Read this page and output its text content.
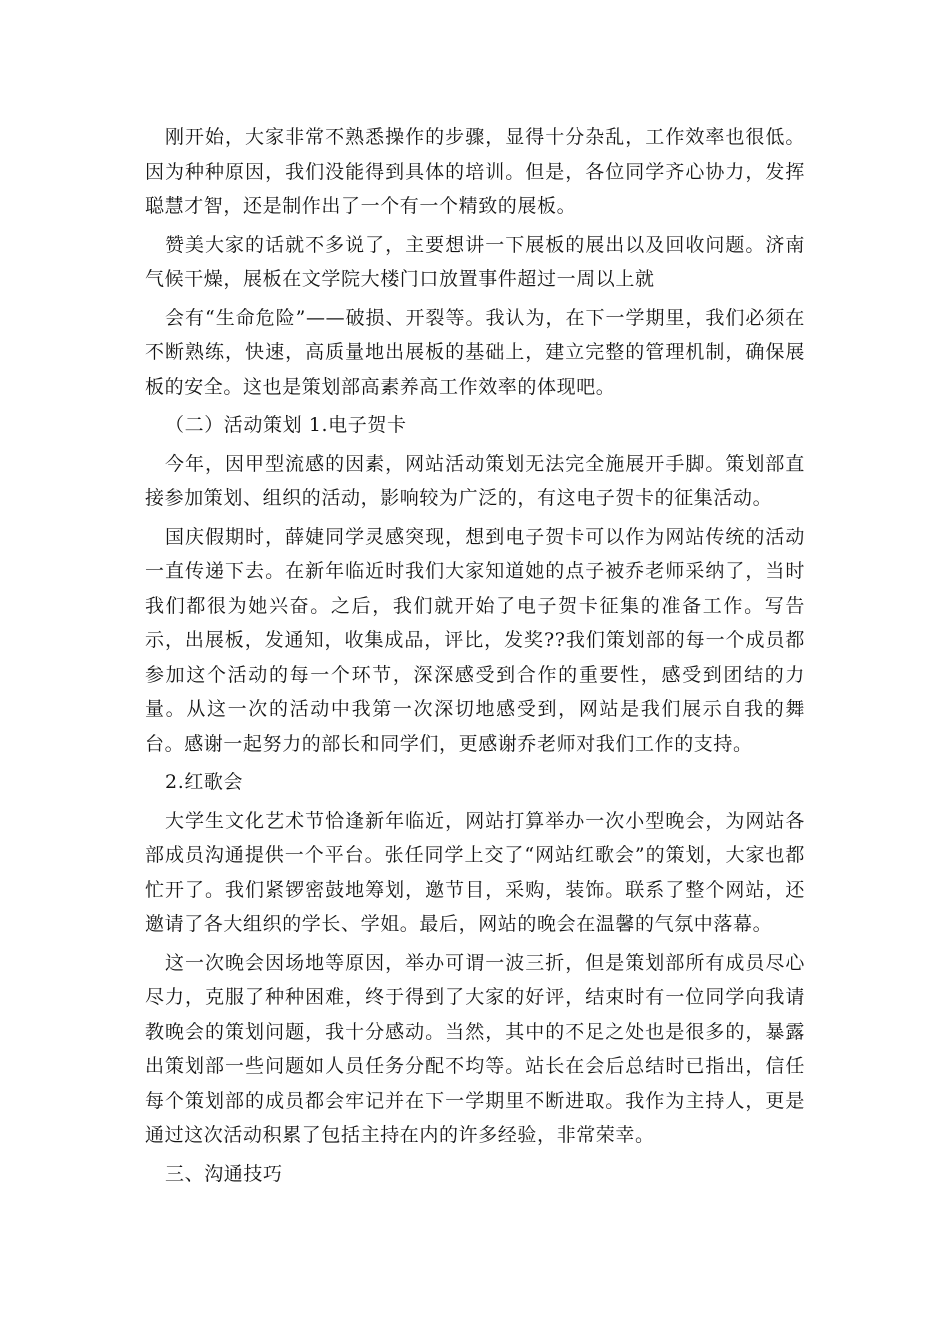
刚开始，大家非常不熟悉操作的步骤，显得十分杂乱，工作效率也很低。因为种种原因，我们没能得到具体的培训。但是，各位同学齐心协力，发挥聪慧才智，还是制作出了一个有一个精致的展板。

赞美大家的话就不多说了，主要想讲一下展板的展出以及回收问题。济南气候干燥，展板在文学院大楼门口放置事件超过一周以上就

会有“生命危险”——破损、开裂等。我认为，在下一学期里，我们必须在不断熟练，快速，高质量地出展板的基础上，建立完整的管理机制，确保展板的安全。这也是策划部高素养高工作效率的体现吧。

（二）活动策划 1.电子贺卡

今年，因甲型流感的因素，网站活动策划无法完全施展开手脚。策划部直接参加策划、组织的活动，影响较为广泛的，有这电子贺卡的征集活动。

国庆假期时，薛婕同学灵感突现，想到电子贺卡可以作为网站传统的活动一直传递下去。在新年临近时我们大家知道她的点子被乔老师采纳了，当时我们都很为她兴奋。之后，我们就开始了电子贺卡征集的准备工作。写告示，出展板，发通知，收集成品，评比，发奖??我们策划部的每一个成员都参加这个活动的每一个环节，深深感受到合作的重要性，感受到团结的力量。从这一次的活动中我第一次深切地感受到，网站是我们展示自我的舞台。感谢一起努力的部长和同学们，更感谢乔老师对我们工作的支持。

2.红歌会

大学生文化艺术节恰逢新年临近，网站打算举办一次小型晚会，为网站各部成员沟通提供一个平台。张任同学上交了“网站红歌会”的策划，大家也都忙开了。我们紧锣密鼓地筹划，邀节目，采购，装饰。联系了整个网站，还邀请了各大组织的学长、学姐。最后，网站的晚会在温馨的气氛中落幕。

这一次晚会因场地等原因，举办可谓一波三折，但是策划部所有成员尽心尽力，克服了种种困难，终于得到了大家的好评，结束时有一位同学向我请教晚会的策划问题，我十分感动。当然，其中的不足之处也是很多的，暴露出策划部一些问题如人员任务分配不均等。站长在会后总结时已指出，信任每个策划部的成员都会牢记并在下一学期里不断进取。我作为主持人，更是通过这次活动积累了包括主持在内的许多经验，非常荣幸。

三、沟通技巧
